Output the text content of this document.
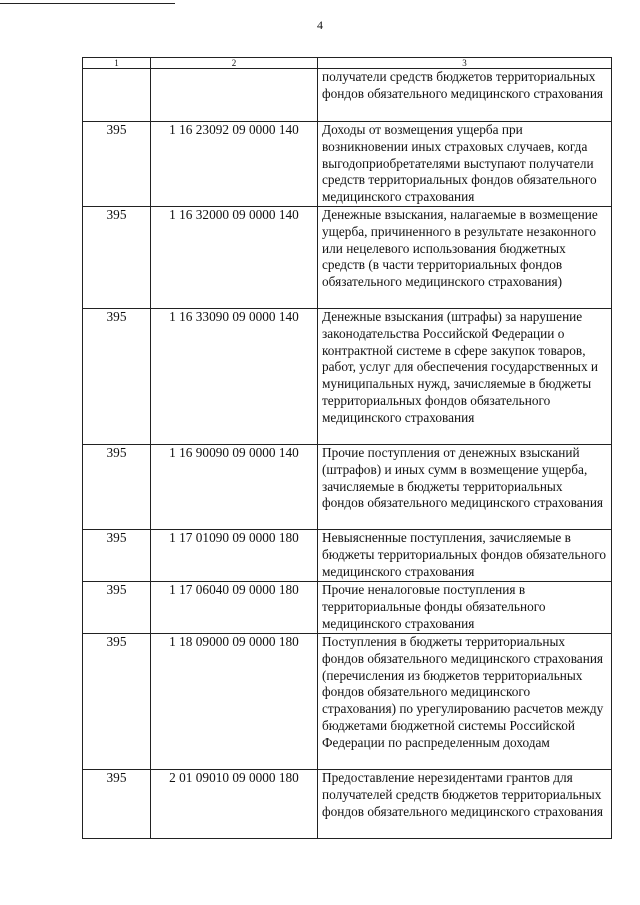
4
1	2	3
		получатели средств бюджетов территориальных фондов обязательного медицинского страхования
395	1 16 23092 09 0000 140	Доходы от возмещения ущерба при возникновении иных страховых случаев, когда выгодоприобретателями выступают получатели средств территориальных фондов обязательного медицинского страхования
395	1 16 32000 09 0000 140	Денежные взыскания, налагаемые в возмещение ущерба, причиненного в результате незаконного или нецелевого использования бюджетных средств (в части территориальных фондов обязательного медицинского страхования)
395	1 16 33090 09 0000 140	Денежные взыскания (штрафы) за нарушение законодательства Российской Федерации о контрактной системе в сфере закупок товаров, работ, услуг для обеспечения государственных и муниципальных нужд, зачисляемые в бюджеты территориальных фондов обязательного медицинского страхования
395	1 16 90090 09 0000 140	Прочие поступления от денежных взысканий (штрафов) и иных сумм в возмещение ущерба, зачисляемые в бюджеты территориальных фондов обязательного медицинского страхования
395	1 17 01090 09 0000 180	Невыясненные поступления, зачисляемые в бюджеты территориальных фондов обязательного медицинского страхования
395	1 17 06040 09 0000 180	Прочие неналоговые поступления в территориальные фонды обязательного медицинского страхования
395	1 18 09000 09 0000 180	Поступления в бюджеты территориальных фондов обязательного медицинского страхования (перечисления из бюджетов территориальных фондов обязательного медицинского страхования) по урегулированию расчетов между бюджетами бюджетной системы Российской Федерации по распределенным доходам
395	2 01 09010 09 0000 180	Предоставление нерезидентами грантов для получателей средств бюджетов территориальных фондов обязательного медицинского страхования
